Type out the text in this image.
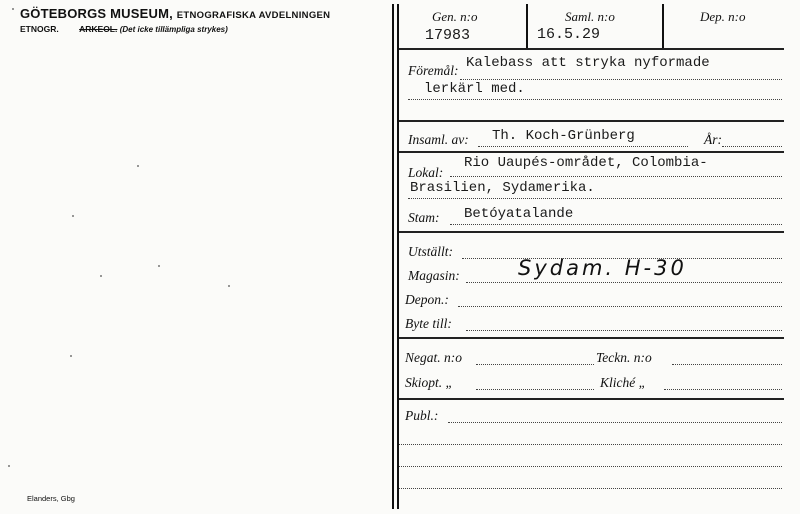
GÖTEBORGS MUSEUM, ETNOGRAFISKA AVDELNINGEN
ETNOGR. ARKEOL. (Det icke tillämpliga strykes)
Elanders, Gbg
Gen. n:o	Saml. n:o	Dep. n:o
17983	16.5.29
Föremål: Kalebass att stryka nyformade
lerkärl med.
Insaml. av: Th. Koch-Grünberg	År:
Lokal:
Rio Uaupés-området, Colombia-
Brasilien, Sydamerika.
Stam: Betóyatalande
Utställt:
Magasin:	Sydam. H-30
Depon.:
Byte till:
Negat. n:o	Teckn. n:o
Skiopt. „	Kliché „
Publ.:
